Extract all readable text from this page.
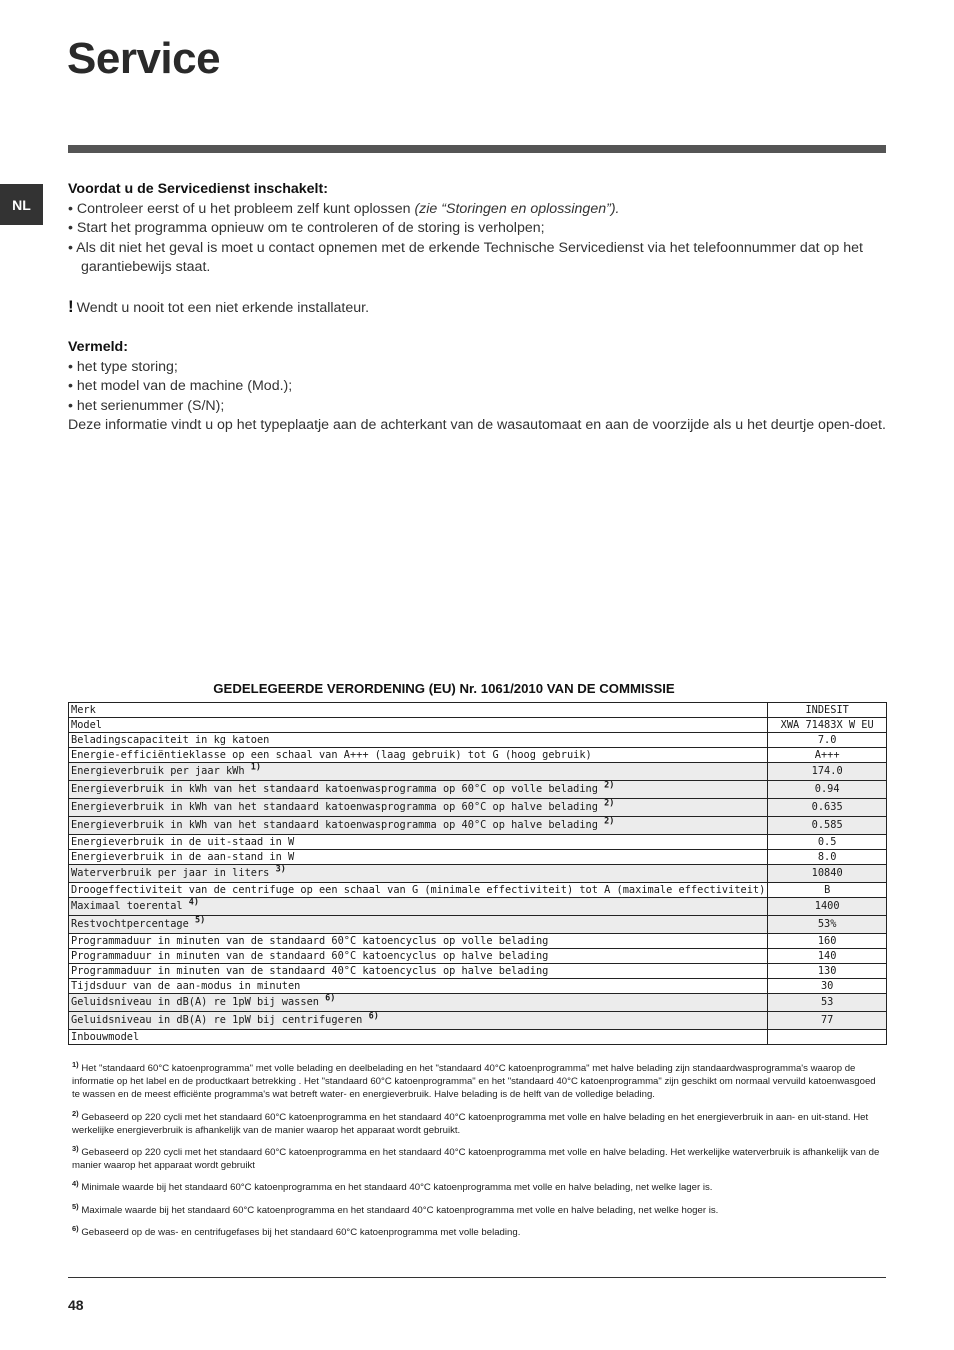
Service
NL

Voordat u de Servicedienst inschakelt:

• Controleer eerst of u het probleem zelf kunt oplossen (zie “Storingen en oplossingen”).

• Start het programma opnieuw om te controleren of de storing is verholpen;

• Als dit niet het geval is moet u contact opnemen met de erkende Technische Servicedienst via het telefoonnummer dat op het garantiebewijs staat.

! Wendt u nooit tot een niet erkende installateur.

Vermeld:

• het type storing;

• het model van de machine (Mod.);

• het serienummer (S/N);

Deze informatie vindt u op het typeplaatje aan de achterkant van de wasautomaat en aan de voorzijde als u het deurtje open-doet.

GEDELEGEERDE VERORDENING (EU) Nr. 1061/2010 VAN DE COMMISSIE
Merk	INDESIT
Model	XWA 71483X W EU
Beladingscapaciteit in kg katoen	7.0
Energie-efficiëntieklasse op een schaal van A+++ (laag gebruik) tot G (hoog gebruik)	A+++
Energieverbruik per jaar kWh $^{1)}$	174.0
Energieverbruik in kWh van het standaard katoenwasprogramma op 60°C op volle belading $^{2)}$	0.94
Energieverbruik in kWh van het standaard katoenwasprogramma op 60°C op halve belading $^{2)}$	0.635
Energieverbruik in kWh van het standaard katoenwasprogramma op 40°C op halve belading $^{2)}$	0.585
Energieverbruik in de uit-staad in W	0.5
Energieverbruik in de aan-stand in W	8.0
Waterverbruik per jaar in liters $^{3)}$	10840
Droogeffectiviteit van de centrifuge op een schaal van G (minimale effectiviteit) tot A (maximale effectiviteit)	B
Maximaal toerental $^{4)}$	1400
Restvochtpercentage $^{5)}$	53%
Programmaduur in minuten van de standaard 60°C katoencyclus op volle belading	160
Programmaduur in minuten van de standaard 60°C katoencyclus op halve belading	140
Programmaduur in minuten van de standaard 40°C katoencyclus op halve belading	130
Tijdsduur van de aan-modus in minuten	30
Geluidsniveau in dB(A) re 1pW bij wassen $^{6)}$	53
Geluidsniveau in dB(A) re 1pW bij centrifugeren $^{6)}$	77
Inbouwmodel	

$^{1)}$ Het "standaard 60°C katoenprogramma" met volle belading en deelbelading en het "standaard 40°C katoenprogramma" met halve belading zijn standaardwasprogramma's waarop de informatie op het label en de productkaart betrekking . Het "standaard 60°C katoenprogramma" en het "standaard 40°C katoenprogramma" zijn geschikt om normaal vervuild katoenwasgoed te wassen en de meest efficiënte programma's wat betreft water- en energieverbruik. Halve belading is de helft van de volledige belading.

$^{2)}$ Gebaseerd op 220 cycli met het standaard 60°C katoenprogramma en het standaard 40°C katoenprogramma met volle en halve belading en het energieverbruik in aan- en uit-stand. Het werkelijke energieverbruik is afhankelijk van de manier waarop het apparaat wordt gebruikt.

$^{3)}$ Gebaseerd op 220 cycli met het standaard 60°C katoenprogramma en het standaard 40°C katoenprogramma met volle en halve belading. Het werkelijke waterverbruik is afhankelijk van de manier waarop het apparaat wordt gebruikt

$^{4)}$ Minimale waarde bij het standaard 60°C katoenprogramma en het standaard 40°C katoenprogramma met volle en halve belading, net welke lager is.

$^{5)}$ Maximale waarde bij het standaard 60°C katoenprogramma en het standaard 40°C katoenprogramma met volle en halve belading, net welke hoger is.

$^{6)}$ Gebaseerd op de was- en centrifugefases bij het standaard 60°C katoenprogramma met volle belading.

48
